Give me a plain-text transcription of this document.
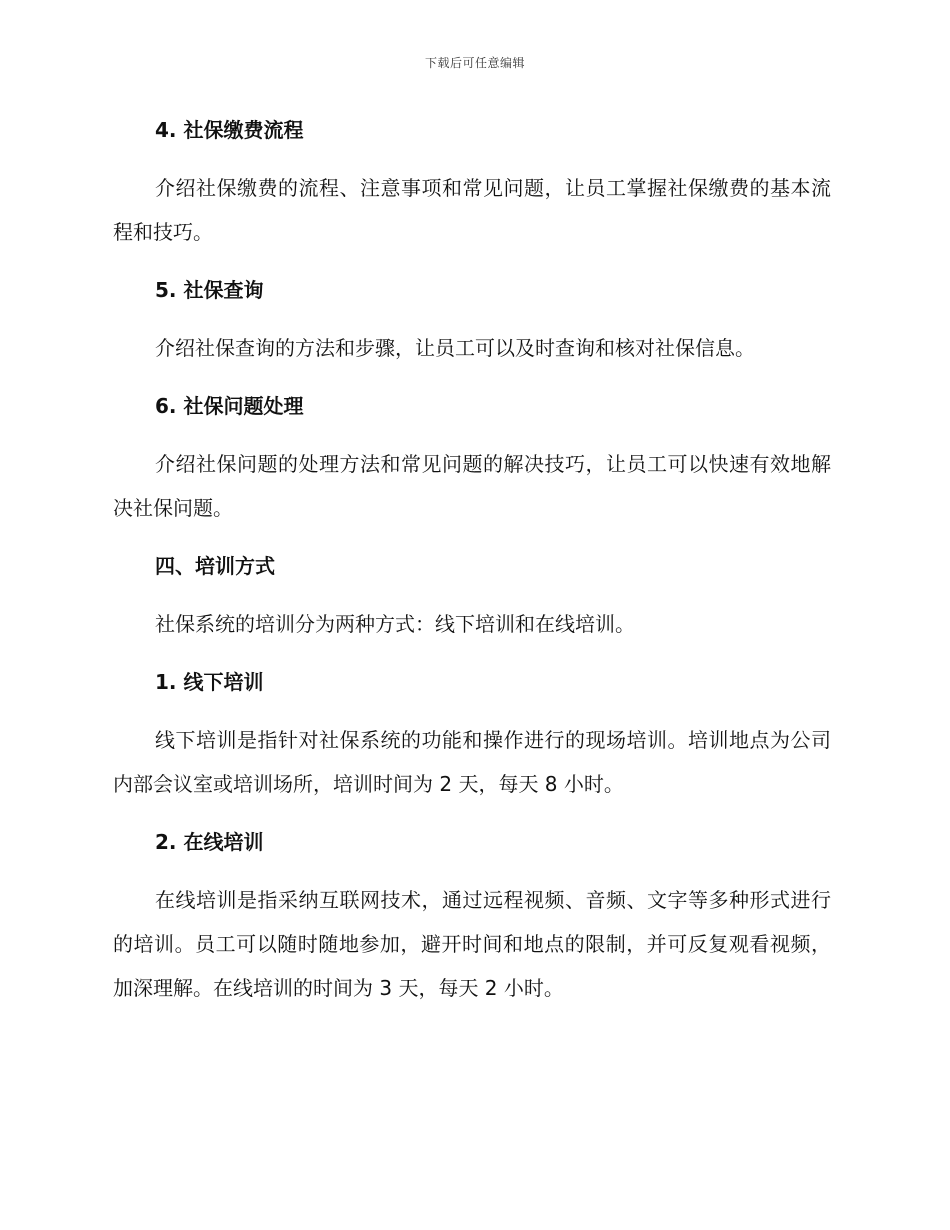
下载后可任意编辑
4. 社保缴费流程

介绍社保缴费的流程、注意事项和常见问题，让员工掌握社保缴费的基本流程和技巧。

5. 社保查询

介绍社保查询的方法和步骤，让员工可以及时查询和核对社保信息。

6. 社保问题处理

介绍社保问题的处理方法和常见问题的解决技巧，让员工可以快速有效地解决社保问题。

四、培训方式

社保系统的培训分为两种方式：线下培训和在线培训。

1. 线下培训

线下培训是指针对社保系统的功能和操作进行的现场培训。培训地点为公司内部会议室或培训场所，培训时间为 2 天，每天 8 小时。

2. 在线培训

在线培训是指采纳互联网技术，通过远程视频、音频、文字等多种形式进行的培训。员工可以随时随地参加，避开时间和地点的限制，并可反复观看视频，加深理解。在线培训的时间为 3 天，每天 2 小时。
